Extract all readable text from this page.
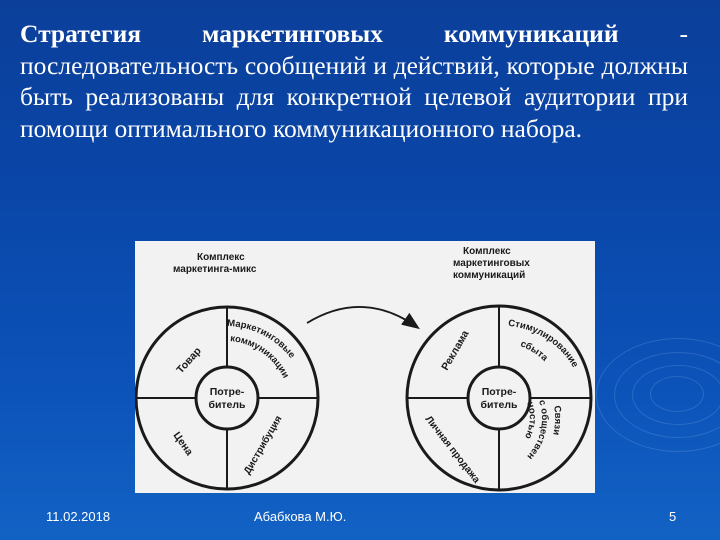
Стратегия маркетинговых коммуникаций - последовательность сообщений и действий, которые должны быть реализованы для конкретной целевой аудитории при помощи оптимального коммуникационного набора.
Комплекс
маркетинга-микс
Комплекс
маркетинговых
коммуникаций
Потре-
битель
Потре-
битель
Товар
Маркетинговые
коммуникации
Цена	Дистрибуция
Реклама
Стимулирование
сбыта
Личная продажа
Связи
с обществен
ностью
11.02.2018	Абабкова М.Ю.	5
